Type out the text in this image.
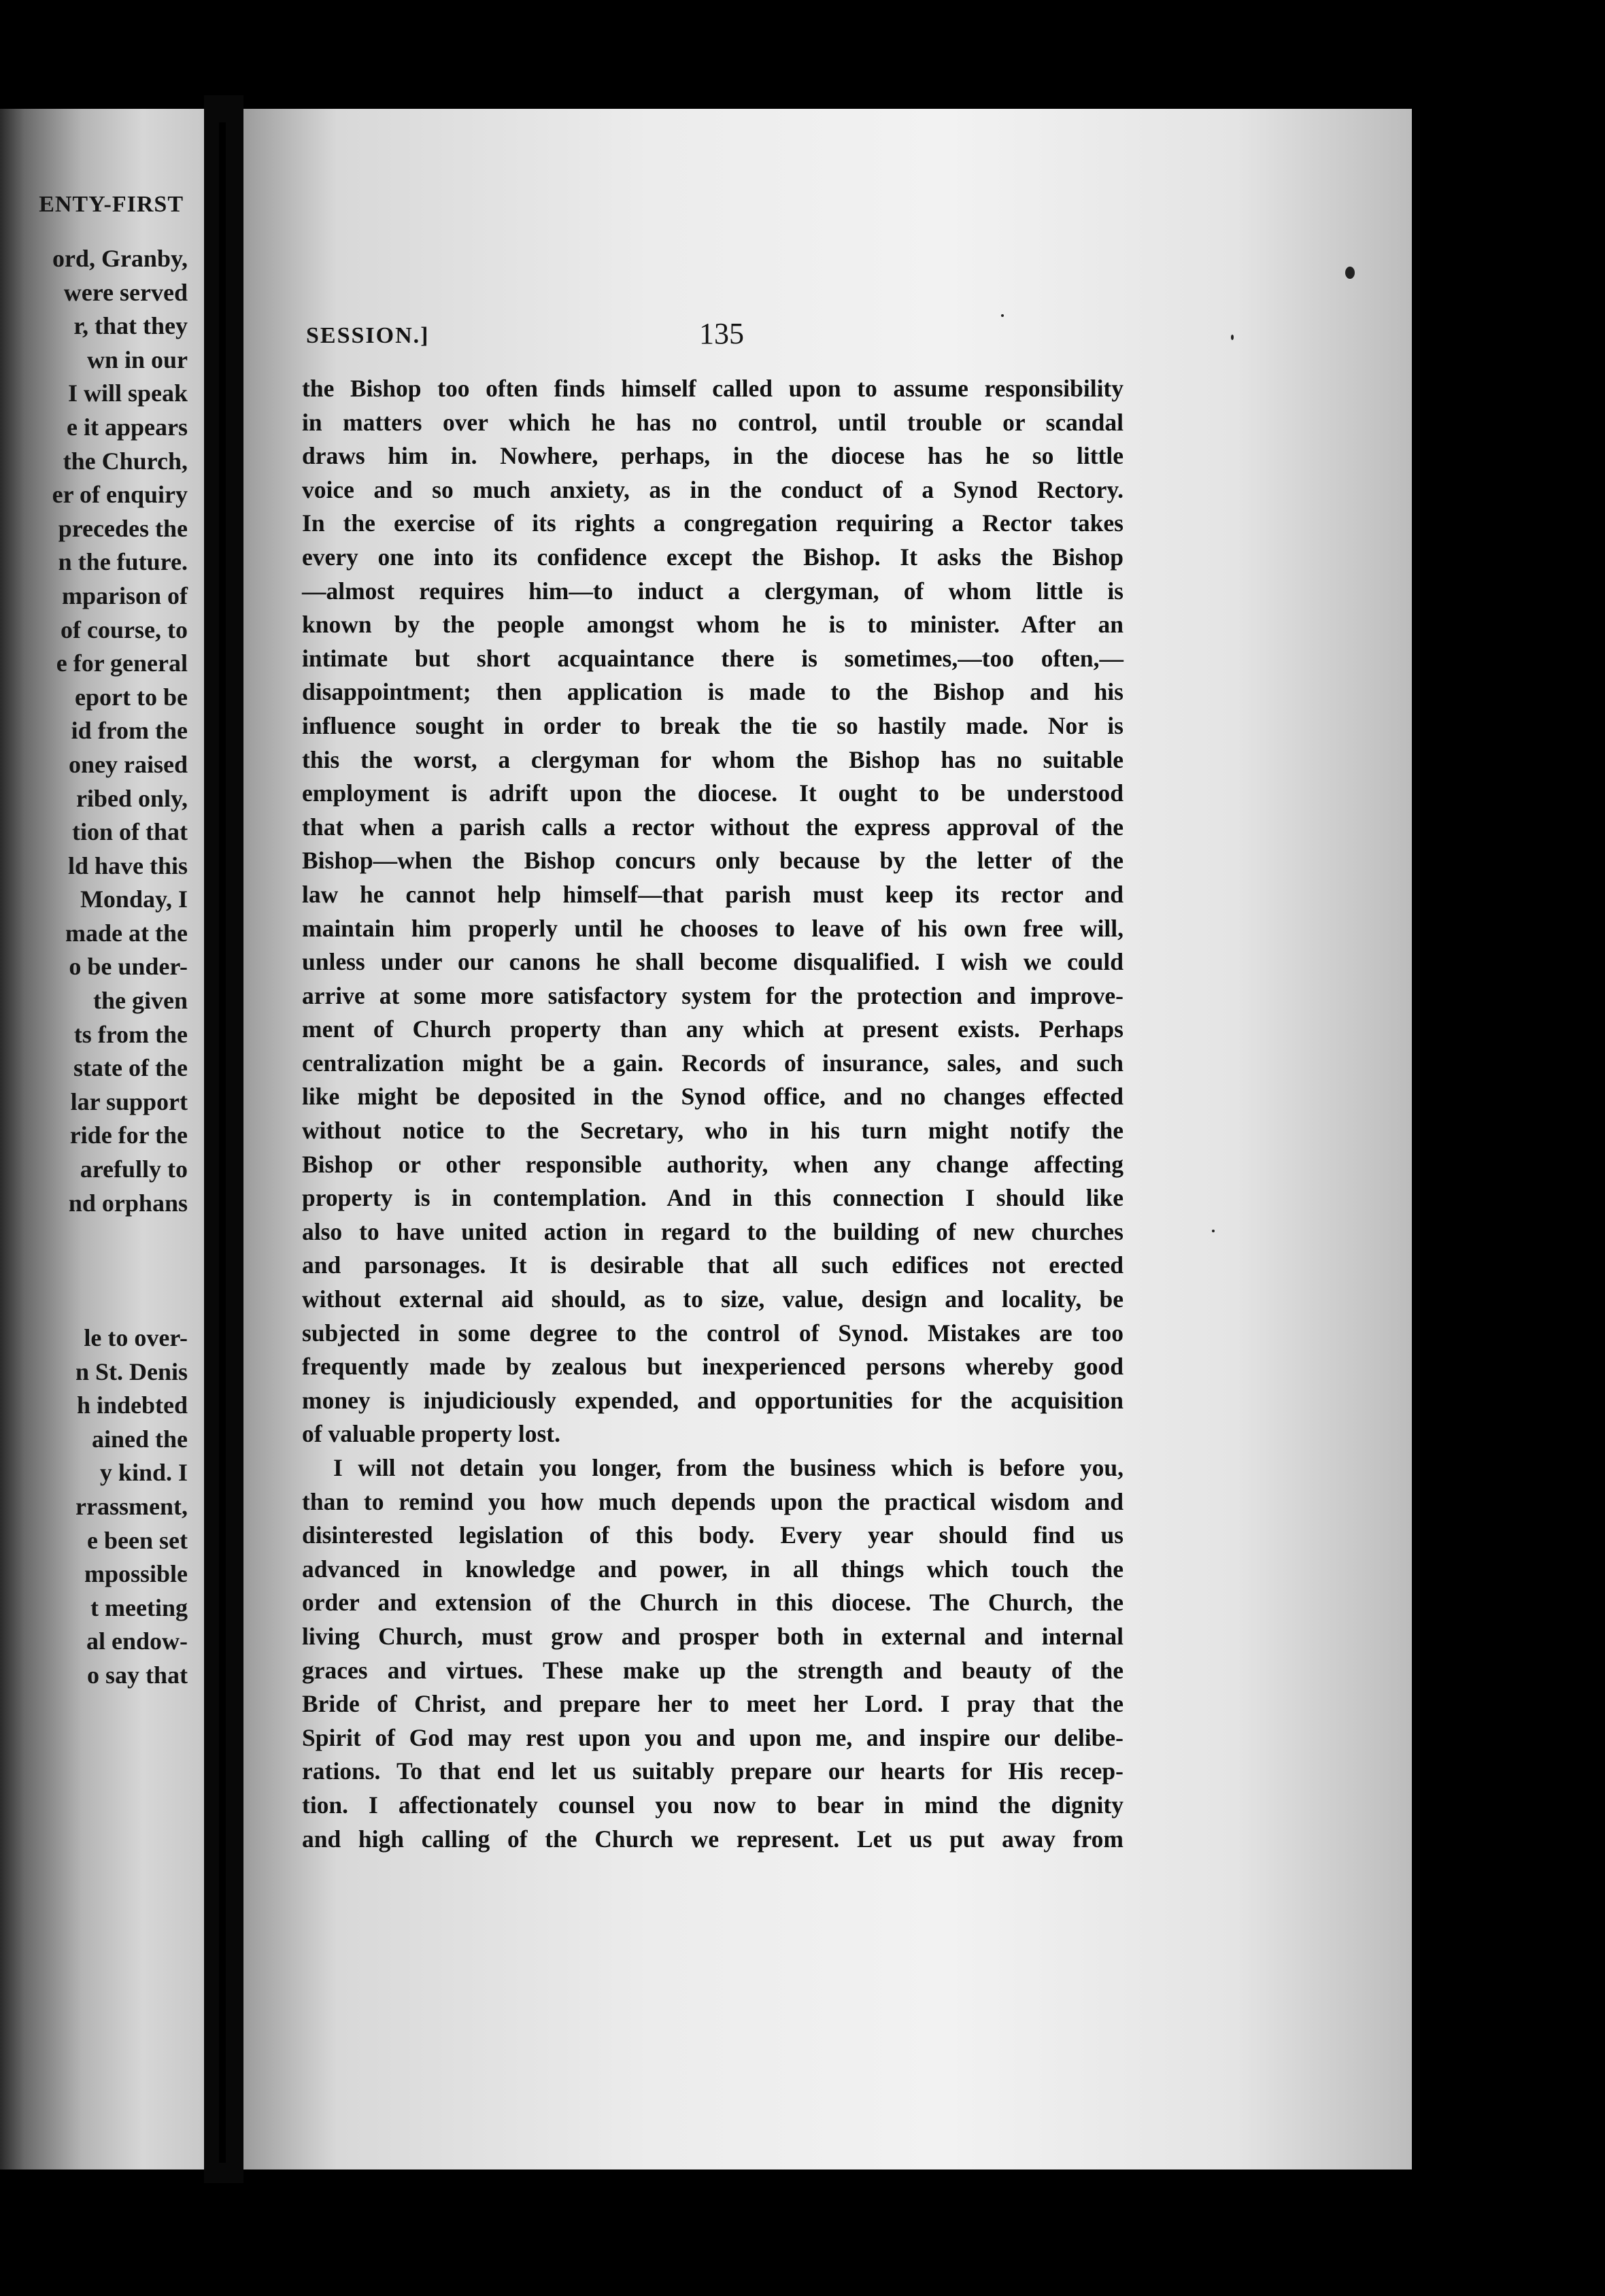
ENTY-FIRST
ord, Granby,
were served
r, that they
wn in our
I will speak
e it appears
the Church,
er of enquiry
precedes the
n the future.
mparison of
of course, to
e for general
eport to be
id from the
oney raised
ribed only,
tion of that
ld have this
Monday, I
made at the
o be under-
the given
ts from the
state of the
lar support
ride for the
arefully to
nd orphans
le to over-
n St. Denis
h indebted
ained the
y kind. I
rrassment,
e been set
mpossible
t meeting
al endow-
o say that
SESSION.]	135
the Bishop too often finds himself called upon to assume responsibility
in matters over which he has no control, until trouble or scandal
draws him in. Nowhere, perhaps, in the diocese has he so little
voice and so much anxiety, as in the conduct of a Synod Rectory.
In the exercise of its rights a congregation requiring a Rector takes
every one into its confidence except the Bishop. It asks the Bishop
—almost requires him—to induct a clergyman, of whom little is
known by the people amongst whom he is to minister. After an
intimate but short acquaintance there is sometimes,—too often,—
disappointment; then application is made to the Bishop and his
influence sought in order to break the tie so hastily made. Nor is
this the worst, a clergyman for whom the Bishop has no suitable
employment is adrift upon the diocese. It ought to be understood
that when a parish calls a rector without the express approval of the
Bishop—when the Bishop concurs only because by the letter of the
law he cannot help himself—that parish must keep its rector and
maintain him properly until he chooses to leave of his own free will,
unless under our canons he shall become disqualified. I wish we could
arrive at some more satisfactory system for the protection and improve-
ment of Church property than any which at present exists. Perhaps
centralization might be a gain. Records of insurance, sales, and such
like might be deposited in the Synod office, and no changes effected
without notice to the Secretary, who in his turn might notify the
Bishop or other responsible authority, when any change affecting
property is in contemplation. And in this connection I should like
also to have united action in regard to the building of new churches
and parsonages. It is desirable that all such edifices not erected
without external aid should, as to size, value, design and locality, be
subjected in some degree to the control of Synod. Mistakes are too
frequently made by zealous but inexperienced persons whereby good
money is injudiciously expended, and opportunities for the acquisition
of valuable property lost.
I will not detain you longer, from the business which is before you,
than to remind you how much depends upon the practical wisdom and
disinterested legislation of this body. Every year should find us
advanced in knowledge and power, in all things which touch the
order and extension of the Church in this diocese. The Church, the
living Church, must grow and prosper both in external and internal
graces and virtues. These make up the strength and beauty of the
Bride of Christ, and prepare her to meet her Lord. I pray that the
Spirit of God may rest upon you and upon me, and inspire our delibe-
rations. To that end let us suitably prepare our hearts for His recep-
tion. I affectionately counsel you now to bear in mind the dignity
and high calling of the Church we represent. Let us put away from
